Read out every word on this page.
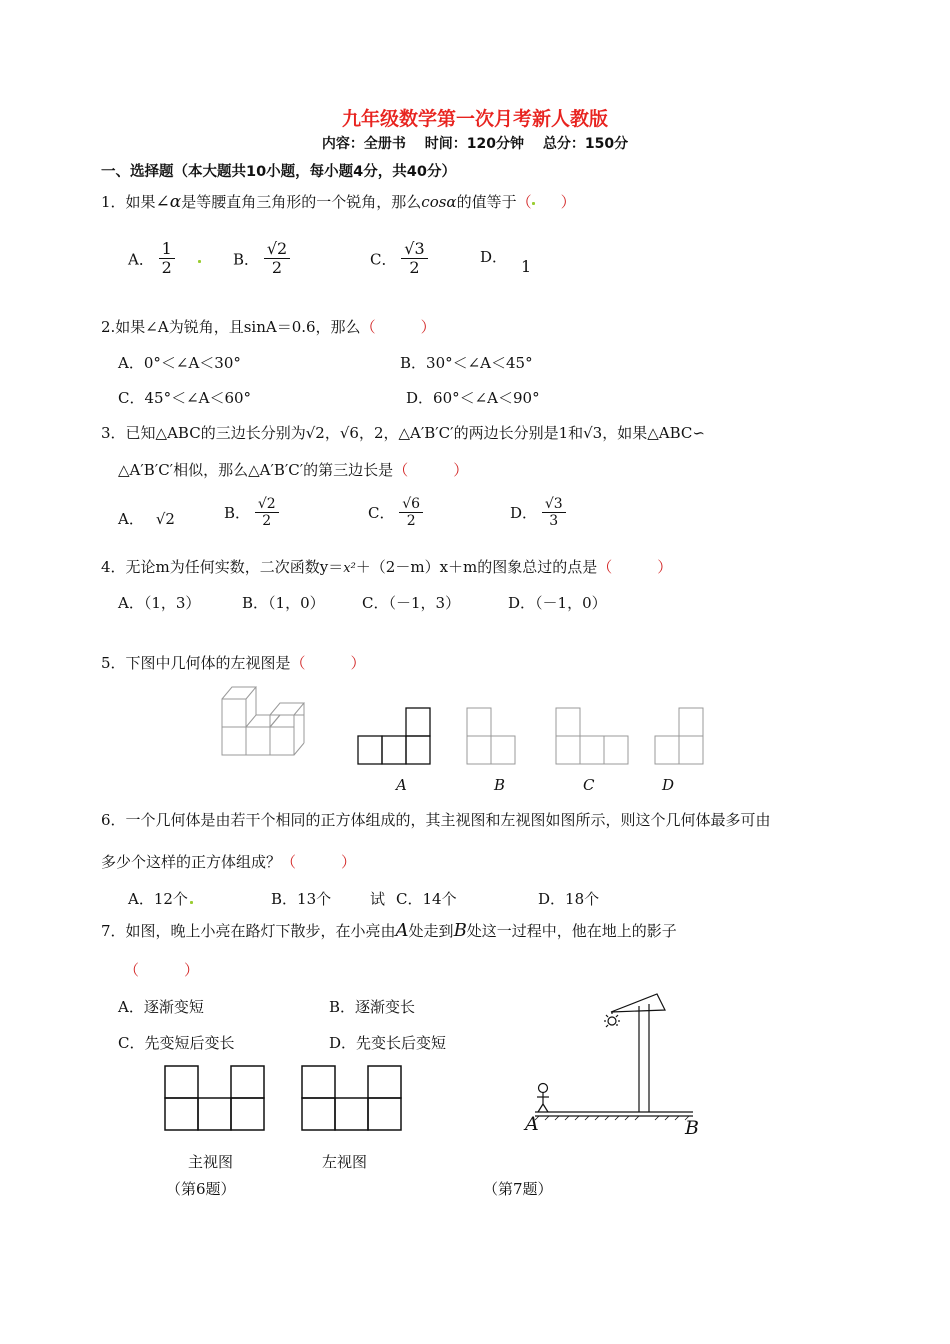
九年级数学第一次月考新人教版
内容：全册书　 时间：120分钟　 总分：150分
一、选择题（本大题共10小题，每小题4分，共40分）
1．如果∠α是等腰直角三角形的一个锐角，那么cosα的值等于（ ）
A． $\frac{1}{2}$
	B． $\frac{√2}{2}$	C． $\frac{√3}{2}$	D． 1
2.如果∠A为锐角，且sinA＝0.6，那么（　　　）
A．0°＜∠A＜30°	B．30°＜∠A＜45°
C．45°＜∠A＜60°	D．60°＜∠A＜90°
3．已知△ABC的三边长分别为√2，√6，2，△A′B′C′的两边长分别是1和√3，如果△ABC∽
△A′B′C′相似，那么△A′B′C′的第三边长是（　　　）
A． √2	B． $\frac{√2}{2}$	C． $\frac{√6}{2}$	D． $\frac{√3}{3}$
4．无论m为任何实数，二次函数y＝x²＋（2－m）x＋m的图象总过的点是（　　　）
A．（1，3）	B．（1，0） C．（－1，3）	D．（－1，0）
5．下图中几何体的左视图是（　　　）
A	B	C	D
6．一个几何体是由若干个相同的正方体组成的，其主视图和左视图如图所示，则这个几何体最多可由
多少个这样的正方体组成？（　　　）
A．12个	B．13个	试 C．14个	D．18个
7．如图，晚上小亮在路灯下散步，在小亮由A处走到B处这一过程中，他在地上的影子
（　　　）
A．逐渐变短	B．逐渐变长
C．先变短后变长	D．先变长后变短
主视图	左视图
（第6题）
A	B
（第7题）
